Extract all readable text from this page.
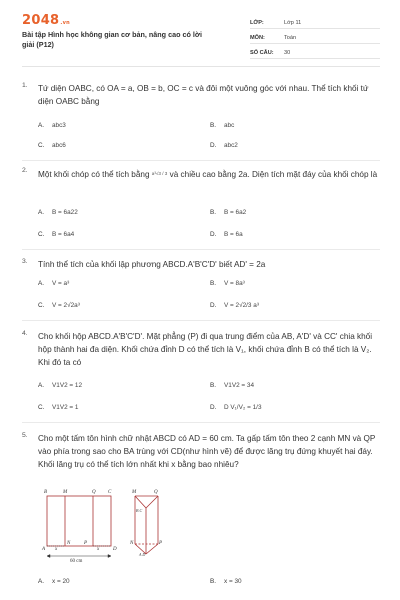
2048.vn
Bài tập Hình học không gian cơ bản, nâng cao có lời giải (P12)
LỚP:	Lớp 11
MÔN:	Toán
SỐ CÂU:	30
1. Tứ diện OABC, có OA = a, OB = b, OC = c và đôi một vuông góc với nhau. Thể tích khối tứ diện OABC bằng
A. abc3	B. abc
C. abc6	D. abc2
2. Một khối chóp có thể tích bằng $^{a^3√3 / 3}$ và chiều cao bằng 2a. Diện tích mặt đáy của khối chóp là
A. B = 6a22	B. B = 6a2
C. B = 6a4	D. B = 6a
3. Tính thể tích của khối lập phương ABCD.A'B'C'D' biết AD' = 2a
A. V = a³	B. V = 8a³
C. V = 2√2a³	D. V = 2√2/3 a³
4. Cho khối hộp ABCD.A'B'C'D'. Mặt phẳng (P) đi qua trung điểm của AB, A'D' và CC' chia khối hộp thành hai đa diện. Khối chứa đỉnh D có thể tích là V₁, khối chứa đỉnh B có thể tích là V₂. Khi đó ta có
A. V1V2 = 12	B. V1V2 = 34
C. V1V2 = 1	D. D V₁/V₂ = 1/3
5. Cho một tấm tôn hình chữ nhật ABCD có AD = 60 cm. Ta gấp tấm tôn theo 2 cạnh MN và QP vào phía trong sao cho BA trùng với CD(như hình vẽ) để được lăng trụ đứng khuyết hai đáy. Khối lăng trụ có thể tích lớn nhất khi x bằng bao nhiêu?
B	M	Q C
A
N	P
D
x	x
60 cm
M	Q
B C
N	P
A D
A. x = 20	B. x = 30
